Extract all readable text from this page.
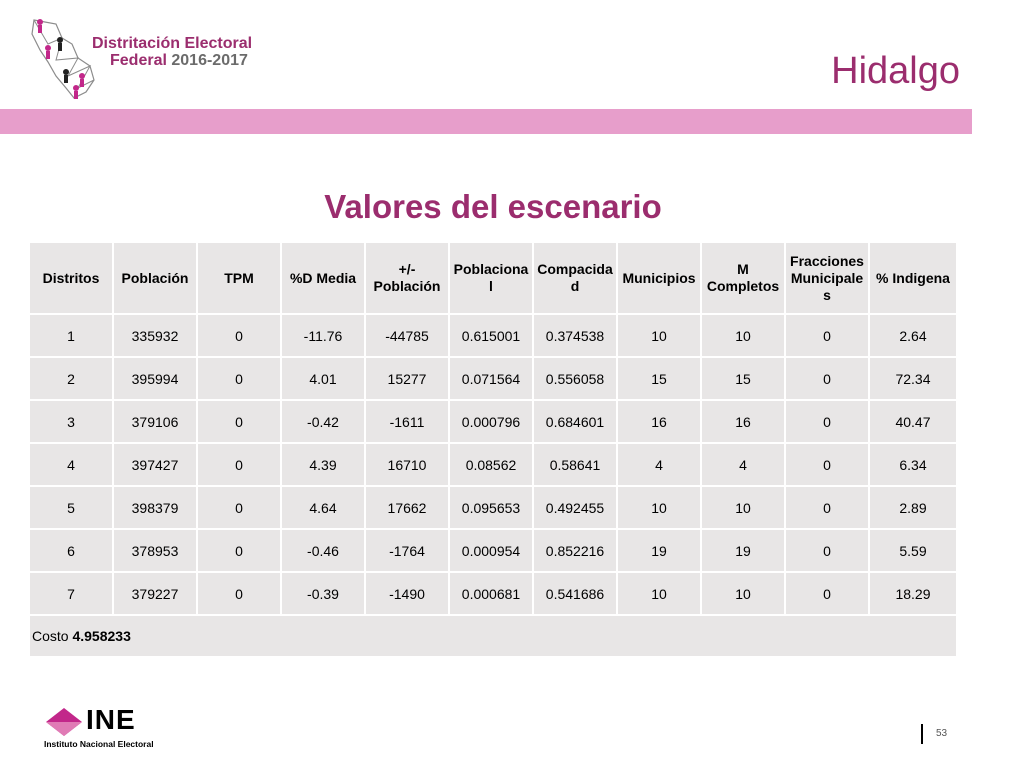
Distritación Electoral
Federal 2016-2017	Hidalgo
Valores del escenario
Distritos	Población	TPM	%D Media	+/- Población	Poblaciona l	Compacida d	Municipios	M Completos	Fracciones Municipale s	% Indigena
1	335932	0	-11.76	-44785	0.615001	0.374538	10	10	0	2.64
2	395994	0	4.01	15277	0.071564	0.556058	15	15	0	72.34
3	379106	0	-0.42	-1611	0.000796	0.684601	16	16	0	40.47
4	397427	0	4.39	16710	0.08562	0.58641	4	4	0	6.34
5	398379	0	4.64	17662	0.095653	0.492455	10	10	0	2.89
6	378953	0	-0.46	-1764	0.000954	0.852216	19	19	0	5.59
7	379227	0	-0.39	-1490	0.000681	0.541686	10	10	0	18.29
Costo 4.958233										
INE
Instituto Nacional Electoral
53
